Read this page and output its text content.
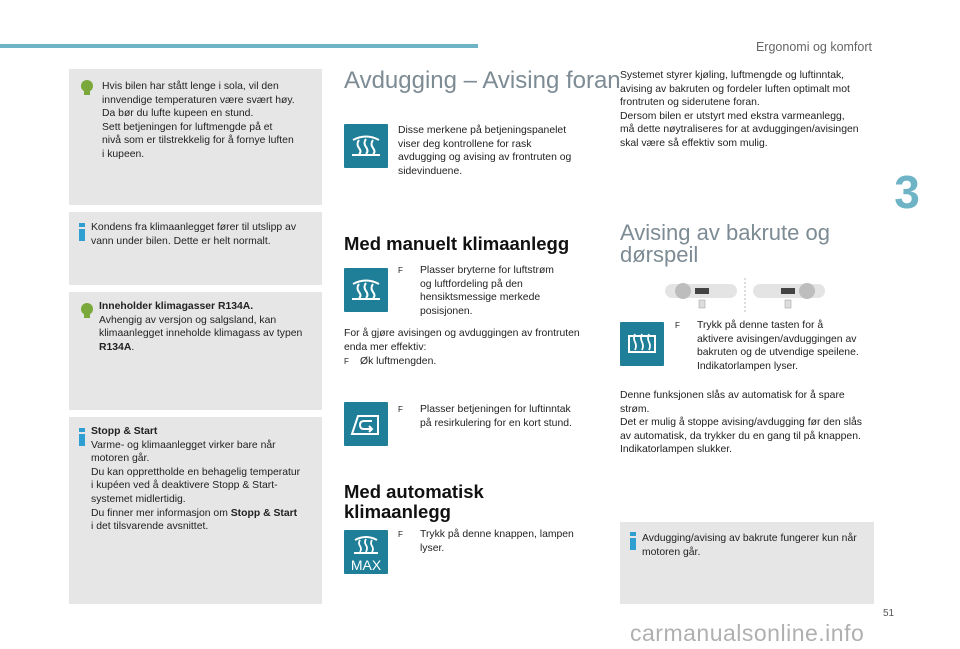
Ergonomi og komfort
3
51
carmanualsonline.info
Hvis bilen har stått lenge i sola, vil den
innvendige temperaturen være svært høy.
Da bør du lufte kupeen en stund.
Sett betjeningen for luftmengde på et
nivå som er tilstrekkelig for å fornye luften
i kupeen.
Kondens fra klimaanlegget fører til utslipp av
vann under bilen. Dette er helt normalt.
Inneholder klimagasser R134A.
Avhengig av versjon og salgsland, kan
klimaanlegget inneholde klimagass av typen
R134A.
Stopp & Start
Varme- og klimaanlegget virker bare når
motoren går.
Du kan opprettholde en behagelig temperatur
i kupéen ved å deaktivere Stopp & Start-
systemet midlertidig.
Du finner mer informasjon om Stopp & Start
i det tilsvarende avsnittet.
Avdugging – Avising foran
Disse merkene på betjeningspanelet
viser deg kontrollene for rask
avdugging og avising av frontruten og
sidevinduene.
Med manuelt klimaanlegg
F Plasser bryterne for luftstrøm
og luftfordeling på den
hensiktsmessige merkede
posisjonen.
For å gjøre avisingen og avduggingen av frontruten
enda mer effektiv:
F Øk luftmengden.
F Plasser betjeningen for luftinntak
på resirkulering for en kort stund.
Med automatisk
klimaanlegg
MAX
F Trykk på denne knappen, lampen
lyser.
Systemet styrer kjøling, luftmengde og luftinntak,
avising av bakruten og fordeler luften optimalt mot
frontruten og siderutene foran.
Dersom bilen er utstyrt med ekstra varmeanlegg,
må dette nøytraliseres for at avduggingen/avisingen
skal være så effektiv som mulig.
Avising av bakrute og
dørspeil
F Trykk på denne tasten for å
aktivere avisingen/avduggingen av
bakruten og de utvendige speilene.
Indikatorlampen lyser.
Denne funksjonen slås av automatisk for å spare
strøm.
Det er mulig å stoppe avising/avdugging før den slås
av automatisk, da trykker du en gang til på knappen.
Indikatorlampen slukker.
Avdugging/avising av bakrute fungerer kun når
motoren går.
